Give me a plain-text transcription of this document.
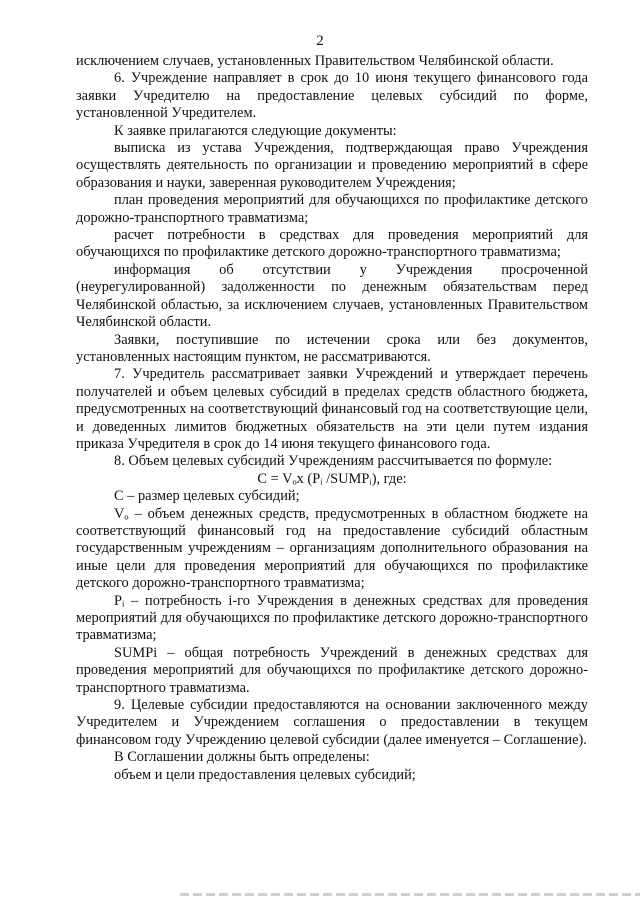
2

исключением случаев, установленных Правительством Челябинской области.

6. Учреждение направляет в срок до 10 июня текущего финансового года заявки Учредителю на предоставление целевых субсидий по форме, установленной Учредителем.

К заявке прилагаются следующие документы:

выписка из устава Учреждения, подтверждающая право Учреждения осуществлять деятельность по организации и проведению мероприятий в сфере образования и науки, заверенная руководителем Учреждения;

план проведения мероприятий для обучающихся по профилактике детского дорожно-транспортного травматизма;

расчет потребности в средствах для проведения мероприятий для обучающихся по профилактике детского дорожно-транспортного травматизма;

информация об отсутствии у Учреждения просроченной (неурегулированной) задолженности по денежным обязательствам перед Челябинской областью, за исключением случаев, установленных Правительством Челябинской области.

Заявки, поступившие по истечении срока или без документов, установленных настоящим пунктом, не рассматриваются.

7. Учредитель рассматривает заявки Учреждений и утверждает перечень получателей и объем целевых субсидий в пределах средств областного бюджета, предусмотренных на соответствующий финансовый год на соответствующие цели, и доведенных лимитов бюджетных обязательств на эти цели путем издания приказа Учредителя в срок до 14 июня текущего финансового года.

8. Объем целевых субсидий Учреждениям рассчитывается по формуле:

C = Vₒx (Pᵢ /SUMPᵢ), где:

С – размер целевых субсидий;

Vₒ – объем денежных средств, предусмотренных в областном бюджете на соответствующий финансовый год на предоставление субсидий областным государственным учреждениям – организациям дополнительного образования на иные цели для проведения мероприятий для обучающихся по профилактике детского дорожно-транспортного травматизма;

Pᵢ – потребность i-го Учреждения в денежных средствах для проведения мероприятий для обучающихся по профилактике детского дорожно-транспортного травматизма;

SUMPi – общая потребность Учреждений в денежных средствах для проведения мероприятий для обучающихся по профилактике детского дорожно-транспортного травматизма.

9. Целевые субсидии предоставляются на основании заключенного между Учредителем и Учреждением соглашения о предоставлении в текущем финансовом году Учреждению целевой субсидии (далее именуется – Соглашение).

В Соглашении должны быть определены:

объем и цели предоставления целевых субсидий;
